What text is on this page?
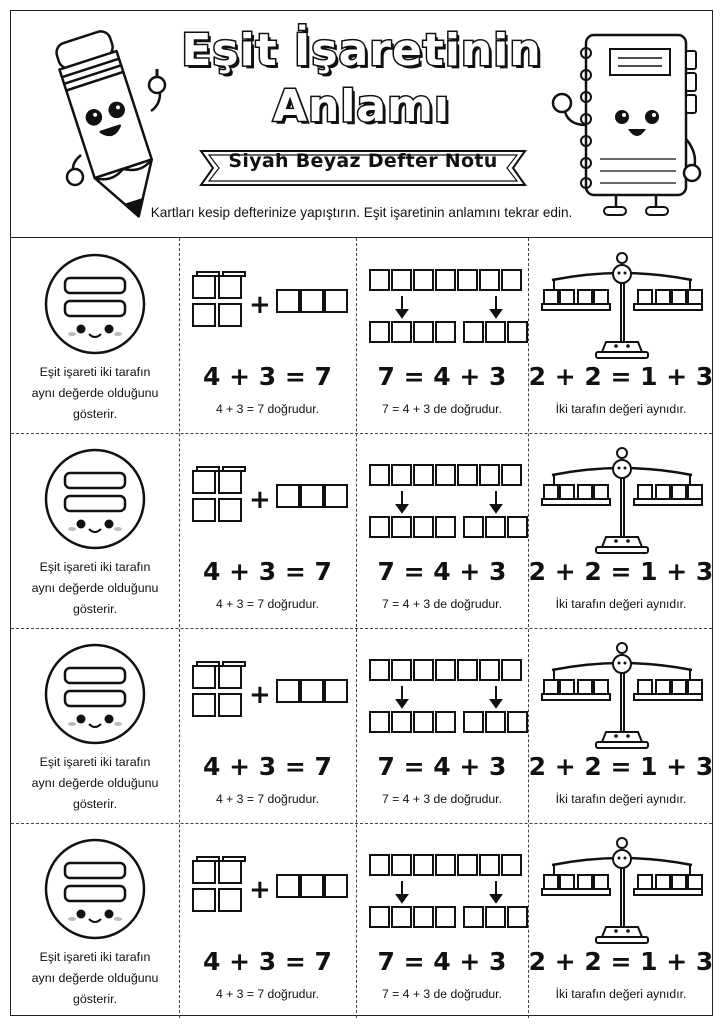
Eşit İşaretinin
Anlamı
Siyah Beyaz Defter Notu
Kartları kesip defterinize yapıştırın. Eşit işaretinin anlamını tekrar edin.
Eşit işareti iki tarafın
aynı değerde olduğunu
gösterir.
+
4 + 3 = 7
4 + 3 = 7 doğrudur.
7 = 4 + 3
7 = 4 + 3 de doğrudur.
2 + 2 = 1 + 3
İki tarafın değeri aynıdır.
Eşit işareti iki tarafın
aynı değerde olduğunu
gösterir.
+
4 + 3 = 7
4 + 3 = 7 doğrudur.
7 = 4 + 3
7 = 4 + 3 de doğrudur.
2 + 2 = 1 + 3
İki tarafın değeri aynıdır.
Eşit işareti iki tarafın
aynı değerde olduğunu
gösterir.
+
4 + 3 = 7
4 + 3 = 7 doğrudur.
7 = 4 + 3
7 = 4 + 3 de doğrudur.
2 + 2 = 1 + 3
İki tarafın değeri aynıdır.
Eşit işareti iki tarafın
aynı değerde olduğunu
gösterir.
+
4 + 3 = 7
4 + 3 = 7 doğrudur.
7 = 4 + 3
7 = 4 + 3 de doğrudur.
2 + 2 = 1 + 3
İki tarafın değeri aynıdır.
